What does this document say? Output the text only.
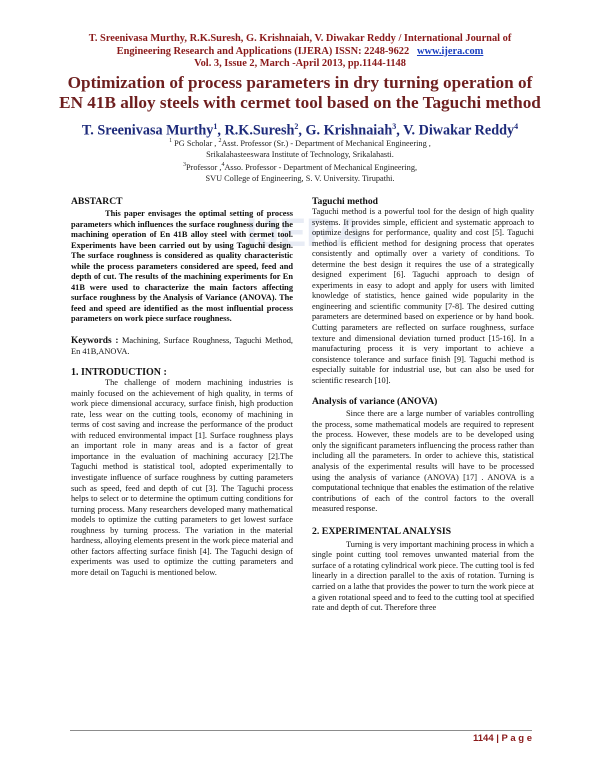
T. Sreenivasa Murthy, R.K.Suresh, G. Krishnaiah, V. Diwakar Reddy / International Journal of
Engineering Research and Applications (IJERA) ISSN: 2248-9622 www.ijera.com
Vol. 3, Issue 2, March -April 2013, pp.1144-1148
Optimization of process parameters in dry turning operation of
EN 41B alloy steels with cermet tool based on the Taguchi method
T. Sreenivasa Murthy$^1$, R.K.Suresh$^2$, G. Krishnaiah$^3$, V. Diwakar Reddy$^4$
$^1$ PG Scholar , $^2$Asst. Professor (Sr.) - Department of Mechanical Engineering ,
Srikalahasteeswara Institute of Technology, Srikalahasti.
$^3$Professor ,$^4$Asso. Professor - Department of Mechanical Engineering,
SVU College of Engineering, S. V. University. Tirupathi.
IJERA
ABSTARCT

This paper envisages the optimal setting of process parameters which influences the surface roughness during the machining operation of En 41B alloy steel with cermet tool. Experiments have been carried out by using Taguchi design. The surface roughness is considered as quality characteristic while the process parameters considered are speed, feed and depth of cut. The results of the machining experiments for En 41B were used to characterize the main factors affecting surface roughness by the Analysis of Variance (ANOVA). The feed and speed are identified as the most influential process parameters on work piece surface roughness.

Keywords : Machining, Surface Roughness, Taguchi Method, En 41B,ANOVA.

1. INTRODUCTION :

The challenge of modern machining industries is mainly focused on the achievement of high quality, in terms of work piece dimensional accuracy, surface finish, high production rate, less wear on the cutting tools, economy of machining in terms of cost saving and increase the performance of the product with reduced environmental impact [1]. Surface roughness plays an important role in many areas and is a factor of great importance in the evaluation of machining accuracy [2].The Taguchi method is statistical tool, adopted experimentally to investigate influence of surface roughness by cutting parameters such as speed, feed and depth of cut [3]. The Taguchi process helps to select or to determine the optimum cutting conditions for turning process. Many researchers developed many mathematical models to optimize the cutting parameters to get lowest surface roughness by turning process. The variation in the material hardness, alloying elements present in the work piece material and other factors affecting surface finish [4]. The Taguchi design of experiments was used to optimize the cutting parameters and more detail on Taguchi is mentioned below.

Taguchi method

Taguchi method is a powerful tool for the design of high quality systems. It provides simple, efficient and systematic approach to optimize designs for performance, quality and cost [5]. Taguchi method is efficient method for designing process that operates consistently and optimally over a variety of conditions. To determine the best design it requires the use of a strategically designed experiment [6]. Taguchi approach to design of experiments in easy to adopt and apply for users with limited knowledge of statistics, hence gained wide popularity in the engineering and scientific community [7-8]. The desired cutting parameters are determined based on experience or by hand book. Cutting parameters are reflected on surface roughness, surface texture and dimensional deviation turned product [15-16]. In a manufacturing process it is very important to achieve a consistence tolerance and surface finish [9]. Taguchi method is especially suitable for industrial use, but can also be used for scientific research [10].

Analysis of variance (ANOVA)

Since there are a large number of variables controlling the process, some mathematical models are required to represent the process. However, these models are to be developed using only the significant parameters influencing the process rather than including all the parameters. In order to achieve this, statistical analysis of the experimental results will have to be processed using the analysis of variance (ANOVA) [17] . ANOVA is a computational technique that enables the estimation of the relative contributions of each of the control factors to the overall measured response.

2. EXPERIMENTAL ANALYSIS

Turning is very important machining process in which a single point cutting tool removes unwanted material from the surface of a rotating cylindrical work piece. The cutting tool is fed linearly in a direction parallel to the axis of rotation. Turning is carried on a lathe that provides the power to turn the work piece at a given rotational speed and to feed to the cutting tool at specified rate and depth of cut. Therefore three

1144 | P a g e
